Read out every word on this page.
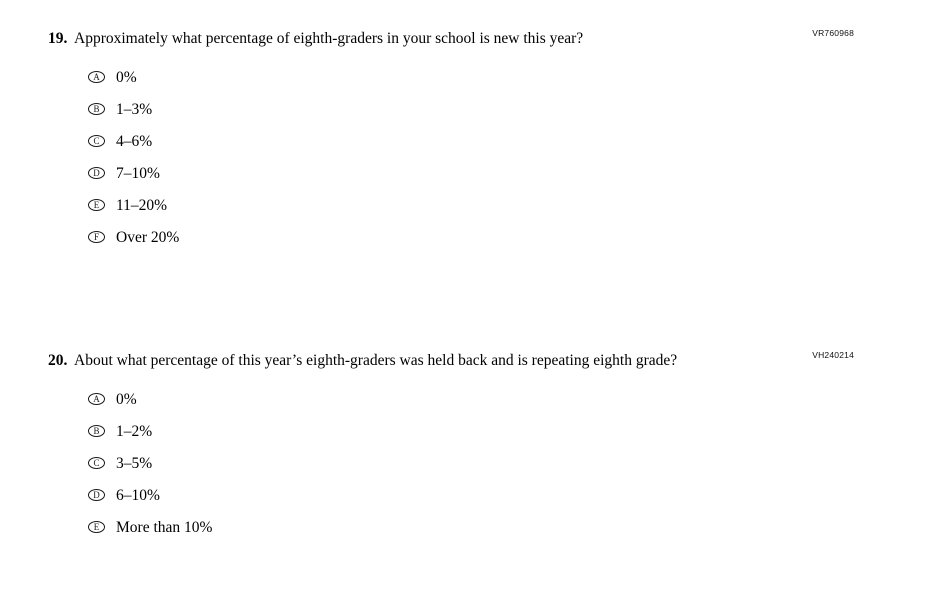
VR760968
19. Approximately what percentage of eighth-graders in your school is new this year?
A	0%
B	1–3%
C	4–6%
D	7–10%
E	11–20%
F	Over 20%
VH240214
20. About what percentage of this year’s eighth-graders was held back and is repeating eighth grade?
A	0%
B	1–2%
C	3–5%
D	6–10%
E	More than 10%
